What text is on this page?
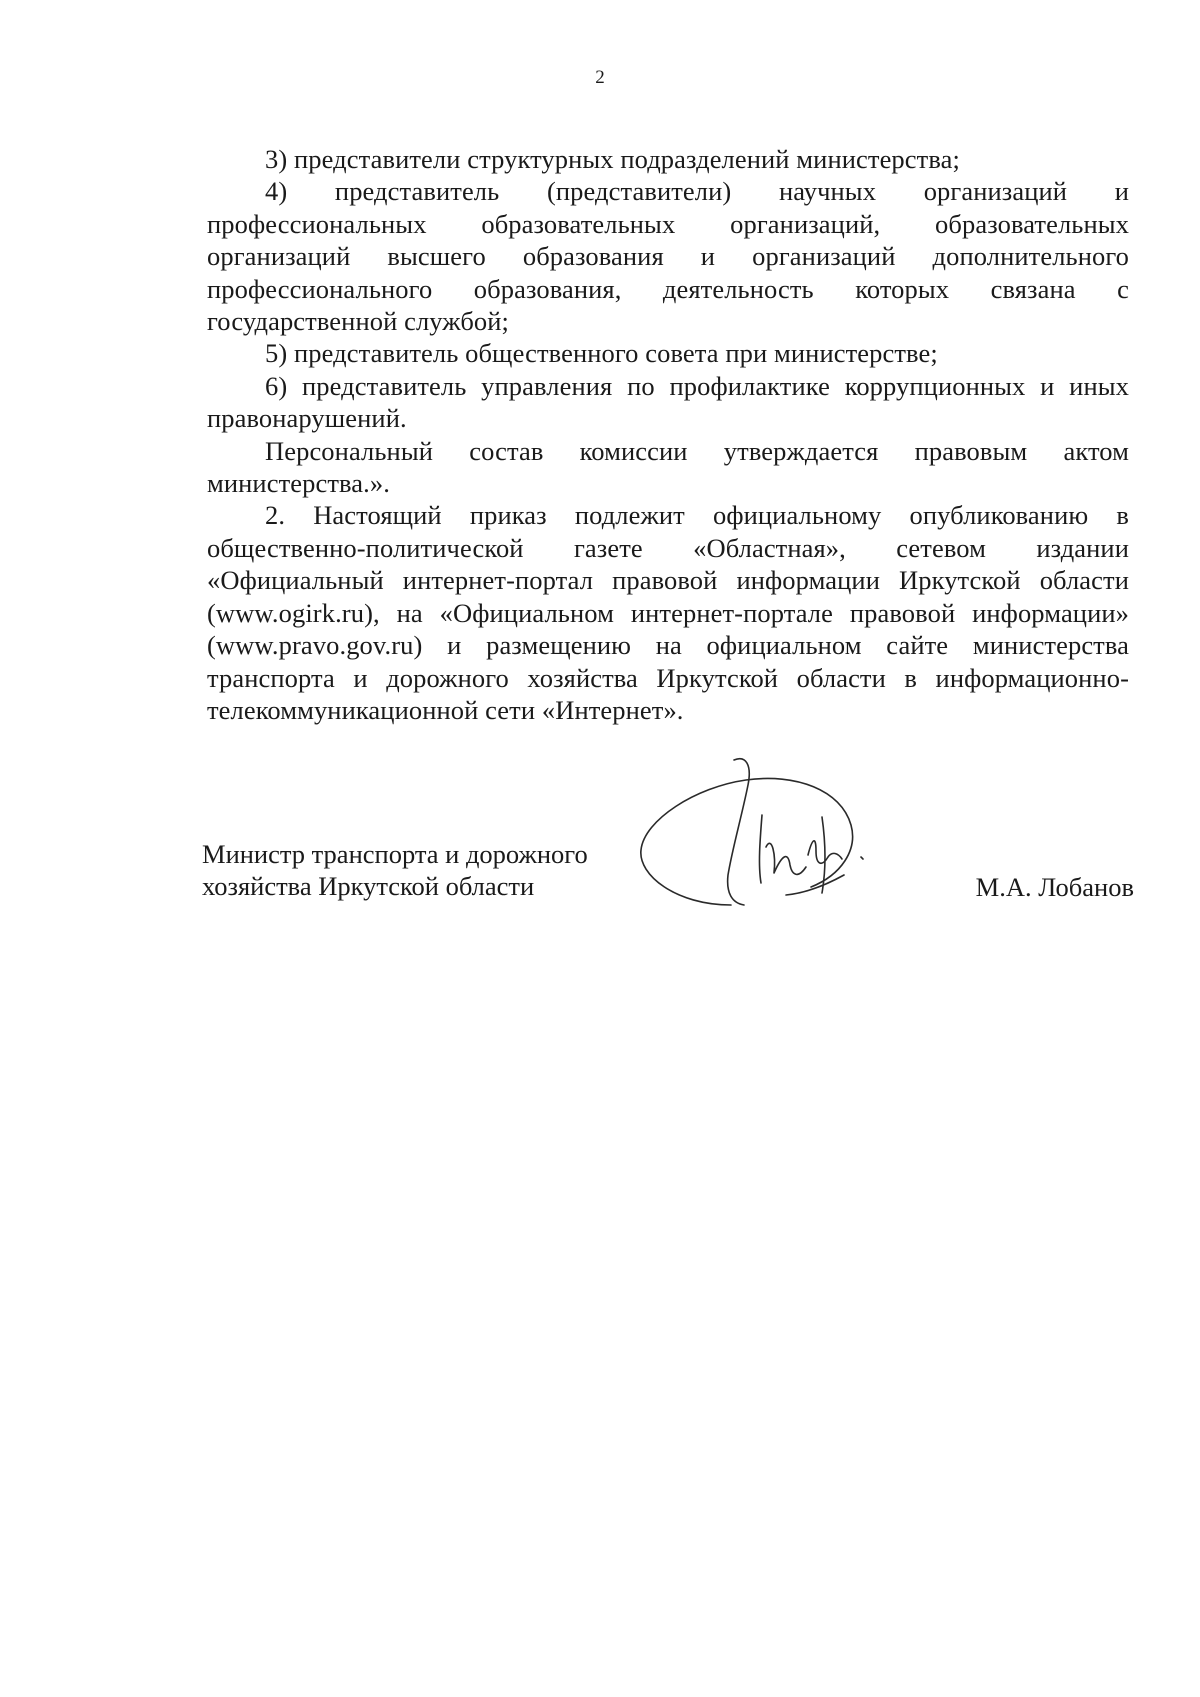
2

3) представители структурных подразделений министерства;

4) представитель (представители) научных организаций и профессиональных образовательных организаций, образовательных организаций высшего образования и организаций дополнительного профессионального образования, деятельность которых связана с государственной службой;

5) представитель общественного совета при министерстве;

6) представитель управления по профилактике коррупционных и иных правонарушений.

Персональный состав комиссии утверждается правовым актом министерства.».

2. Настоящий приказ подлежит официальному опубликованию в общественно-политической газете «Областная», сетевом издании «Официальный интернет-портал правовой информации Иркутской области (www.ogirk.ru), на «Официальном интернет-портале правовой информации» (www.pravo.gov.ru) и размещению на официальном сайте министерства транспорта и дорожного хозяйства Иркутской области в информационно-телекоммуникационной сети «Интернет».

Министр транспорта и дорожного
хозяйства Иркутской области	М.А. Лобанов
